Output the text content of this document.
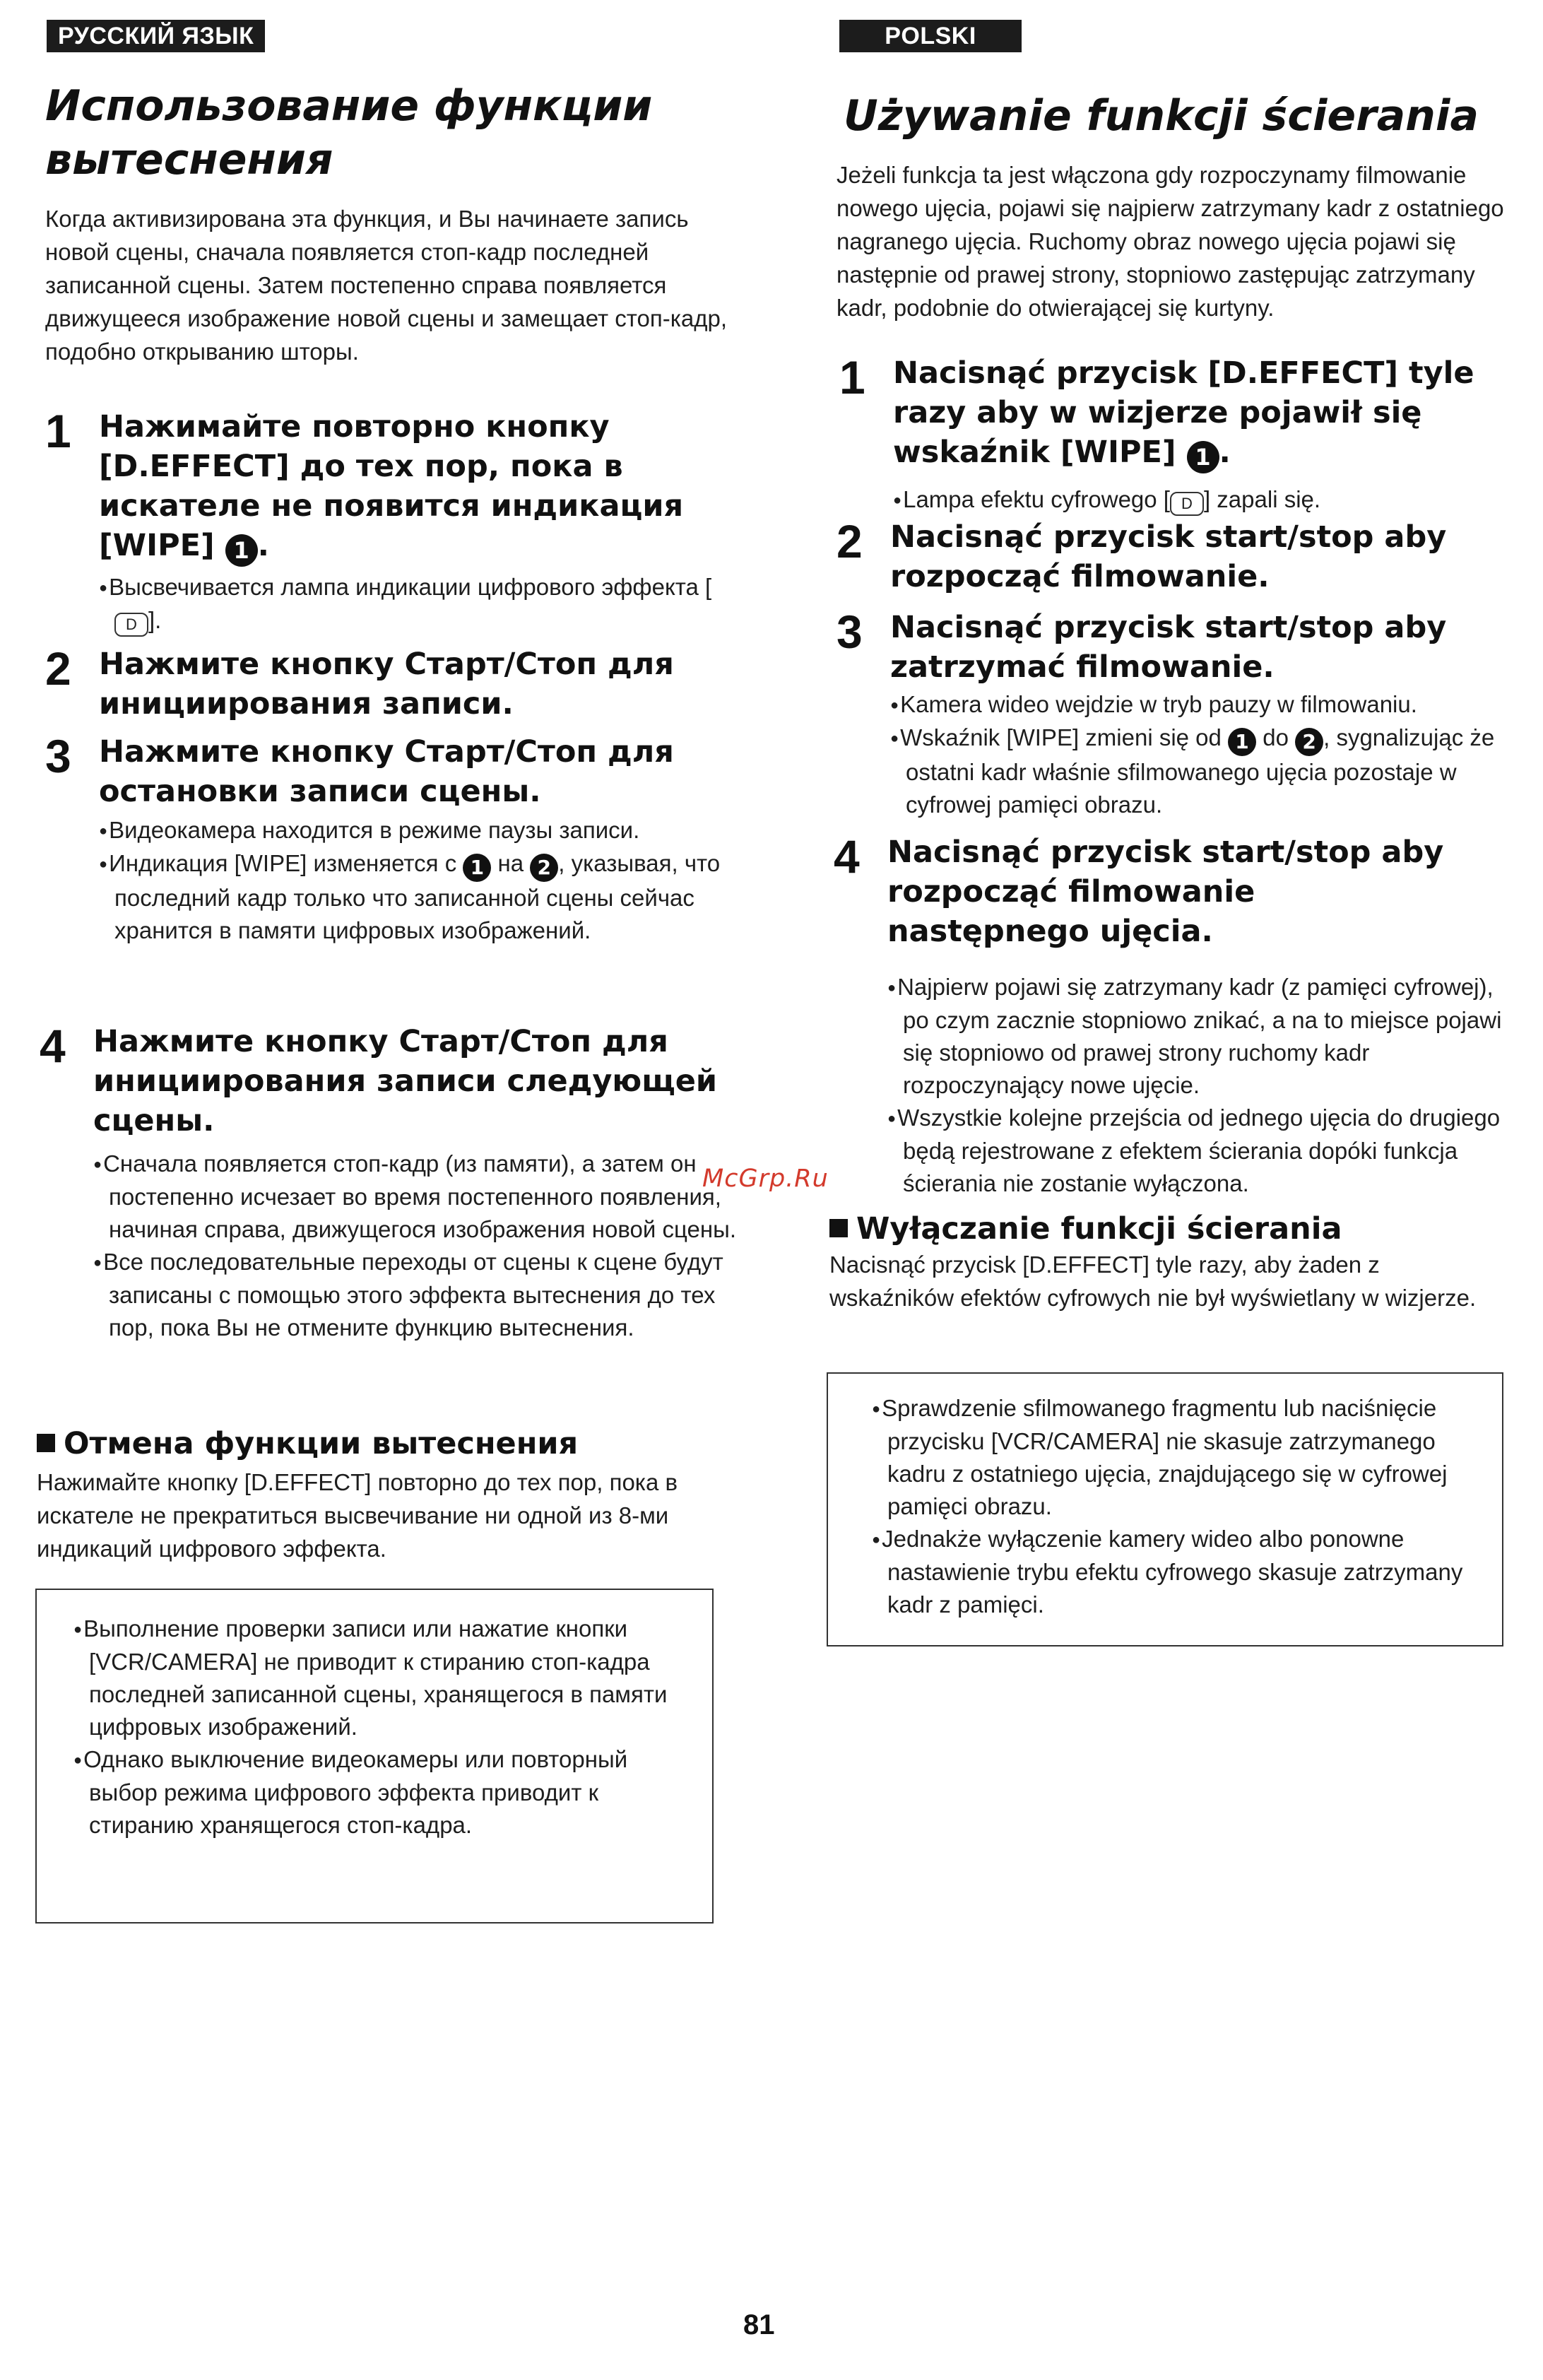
РУССКИЙ ЯЗЫК
Использование функции вытеснения

Когда активизирована эта функция, и Вы начинаете запись новой сцены, сначала появляется стоп-кадр последней записанной сцены. Затем постепенно справа появляется движущееся изображение новой сцены и замещает стоп-кадр, подобно открыванию шторы.

1 Нажимайте повторно кнопку [D.EFFECT] до тех пор, пока в искателе не появится индикация [WIPE] 1 .

● Высвечивается лампа индикации цифрового эффекта [D ].
2 Нажмите кнопку Старт/Стоп для инициирования записи.

3 Нажмите кнопку Старт/Стоп для остановки записи сцены.

● Видеокамера находится в режиме паузы записи.
● Индикация [WIPE] изменяется с 1 на 2 , указывая, что последний кадр только что записанной сцены сейчас хранится в памяти цифровых изображений.
4 Нажмите кнопку Старт/Стоп для инициирования записи следующей сцены.

● Сначала появляется стоп-кадр (из памяти), а затем он постепенно исчезает во время постепенного появления, начиная справа, движущегося изображения новой сцены.
● Все последовательные переходы от сцены к сцене будут записаны с помощью этого эффекта вытеснения до тех пор, пока Вы не отмените функцию вытеснения.

Отмена функции вытеснения

Нажимайте кнопку [D.EFFECT] повторно до тех пор, пока в искателе не прекратиться высвечивание ни одной из 8-ми индикаций цифрового эффекта.

● Выполнение проверки записи или нажатие кнопки [VCR/CAMERA] не приводит к стиранию стоп-кадра последней записанной сцены, хранящегося в памяти цифровых изображений.
● Однако выключение видеокамеры или повторный выбор режима цифрового эффекта приводит к стиранию хранящегося стоп-кадра.
POLSKI
Używanie funkcji ścierania

Jeżeli funkcja ta jest włączona gdy rozpoczynamy filmowanie nowego ujęcia, pojawi się najpierw zatrzymany kadr z ostatniego nagranego ujęcia. Ruchomy obraz nowego ujęcia pojawi się następnie od prawej strony, stopniowo zastępując zatrzymany kadr, podobnie do otwierającej się kurtyny.

1 Nacisnąć przycisk [D.EFFECT] tyle razy aby w wizjerze pojawił się wskaźnik [WIPE] 1 .

● Lampa efektu cyfrowego [ D ] zapali się.
2 Nacisnąć przycisk start/stop aby rozpocząć filmowanie.

3 Nacisnąć przycisk start/stop aby zatrzymać filmowanie.

● Kamera wideo wejdzie w tryb pauzy w filmowaniu.
● Wskaźnik [WIPE] zmieni się od 1 do 2 , sygnalizując że ostatni kadr właśnie sfilmowanego ujęcia pozostaje w cyfrowej pamięci obrazu.
4 Nacisnąć przycisk start/stop aby rozpocząć filmowanie następnego ujęcia.

● Najpierw pojawi się zatrzymany kadr (z pamięci cyfrowej), po czym zacznie stopniowo znikać, a na to miejsce pojawi się stopniowo od prawej strony ruchomy kadr rozpoczynający nowe ujęcie.
● Wszystkie kolejne przejścia od jednego ujęcia do drugiego będą rejestrowane z efektem ścierania dopóki funkcja ścierania nie zostanie wyłączona.

Wyłączanie funkcji ścierania

Nacisnąć przycisk [D.EFFECT] tyle razy, aby żaden z wskaźników efektów cyfrowych nie był wyświetlany w wizjerze.

● Sprawdzenie sfilmowanego fragmentu lub naciśnięcie przycisku [VCR/CAMERA] nie skasuje zatrzymanego kadru z ostatniego ujęcia, znajdującego się w cyfrowej pamięci obrazu.
● Jednakże wyłączenie kamery wideo albo ponowne nastawienie trybu efektu cyfrowego skasuje zatrzymany kadr z pamięci.
McGrp.Ru
81
